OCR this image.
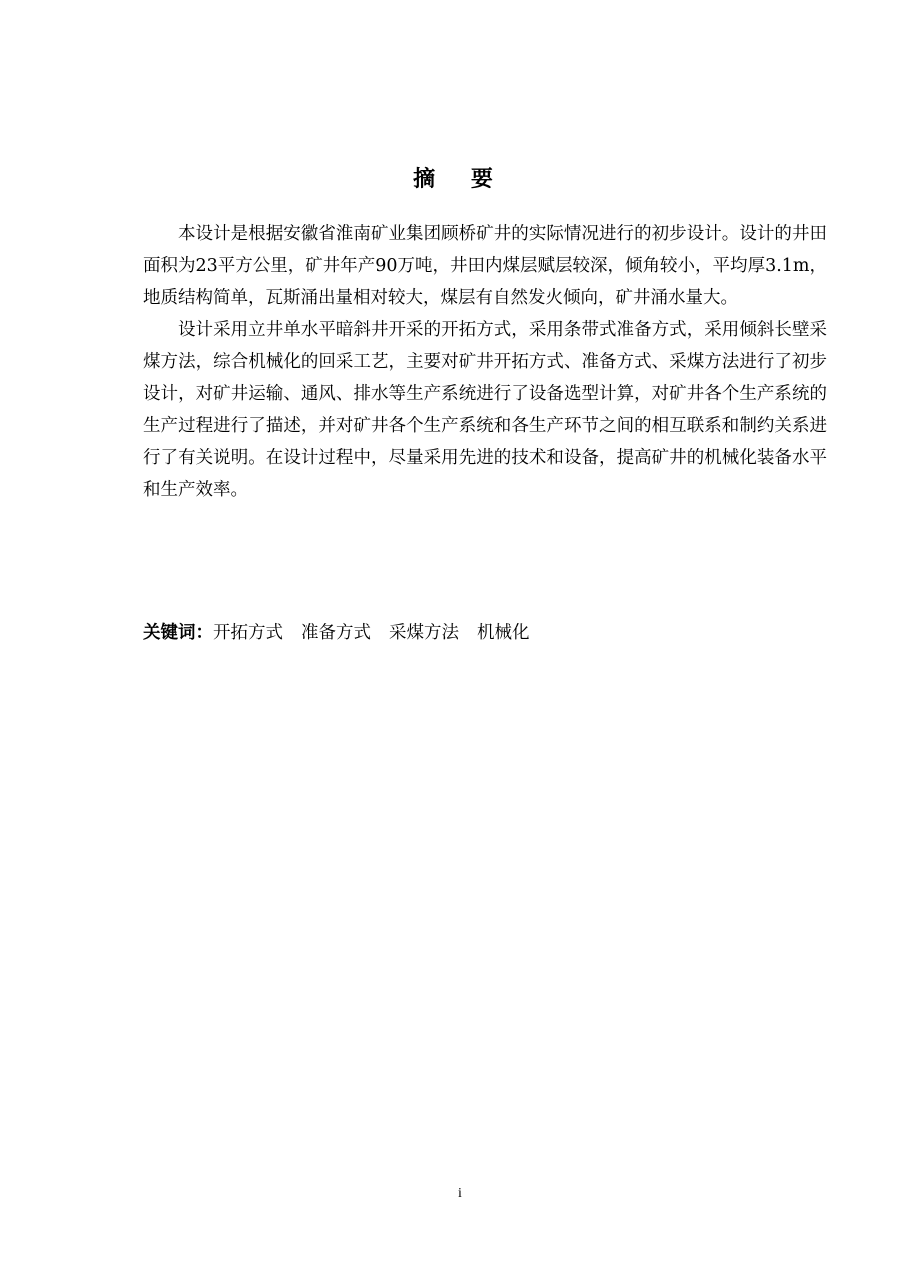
摘 要

本设计是根据安徽省淮南矿业集团顾桥矿井的实际情况进行的初步设计。设计的井田面积为23平方公里，矿井年产90万吨，井田内煤层赋层较深，倾角较小，平均厚3.1m，地质结构简单，瓦斯涌出量相对较大，煤层有自然发火倾向，矿井涌水量大。

设计采用立井单水平暗斜井开采的开拓方式，采用条带式准备方式，采用倾斜长壁采煤方法，综合机械化的回采工艺，主要对矿井开拓方式、准备方式、采煤方法进行了初步设计，对矿井运输、通风、排水等生产系统进行了设备选型计算，对矿井各个生产系统的生产过程进行了描述，并对矿井各个生产系统和各生产环节之间的相互联系和制约关系进行了有关说明。在设计过程中，尽量采用先进的技术和设备，提高矿井的机械化装备水平和生产效率。

关键词：开拓方式 准备方式 采煤方法 机械化
i
